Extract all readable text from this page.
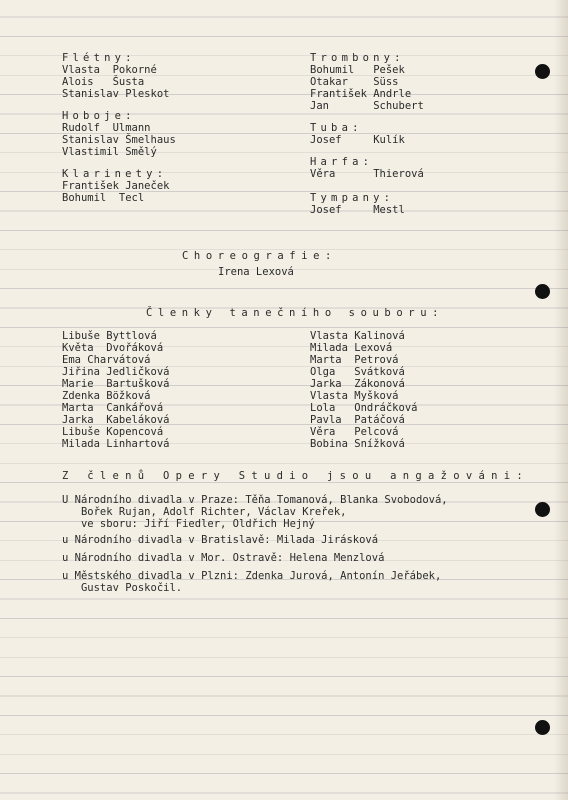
Flétny:
Vlasta  Pokorné
Alois   Šusta
Stanislav Pleskot
Hoboje:
Rudolf  Ulmann
Stanislav Šmelhaus
Vlastimil Smělý
Klarinety:
František Janeček
Bohumil  Tecl
Trombony:
Bohumil   Pešek
Otakar    Süss
František Andrle
Jan       Schubert
Tuba:
Josef     Kulík
Harfa:
Věra      Thierová
Tympany:
Josef     Mestl
Choreografie:
Irena Lexová
Členky tanečního souboru:
Libuše Byttlová
Květa  Dvořáková
Ema Charvátová
Jiřina Jedličková
Marie  Bartušková
Zdenka Böžková
Marta  Cankářová
Jarka  Kabeláková
Libuše Kopencová
Milada Linhartová
Vlasta Kalinová
Milada Lexová
Marta  Petrová
Olga   Svátková
Jarka  Zákonová
Vlasta Myšková
Lola   Ondráčková
Pavla  Patáčová
Věra   Pelcová
Bobina Snížková
Z členů Opery Studio jsou angažováni:
U Národního divadla v Praze: Těňa Tomanová, Blanka Svobodová,
Bořek Rujan, Adolf Richter, Václav Kreřek,
ve sboru: Jiří Fiedler, Oldřich Hejný
u Národního divadla v Bratislavě: Milada Jirásková
u Národního divadla v Mor. Ostravě: Helena Menzlová
u Městského divadla v Plzni: Zdenka Jurová, Antonín Jeřábek,
Gustav Poskočil.
